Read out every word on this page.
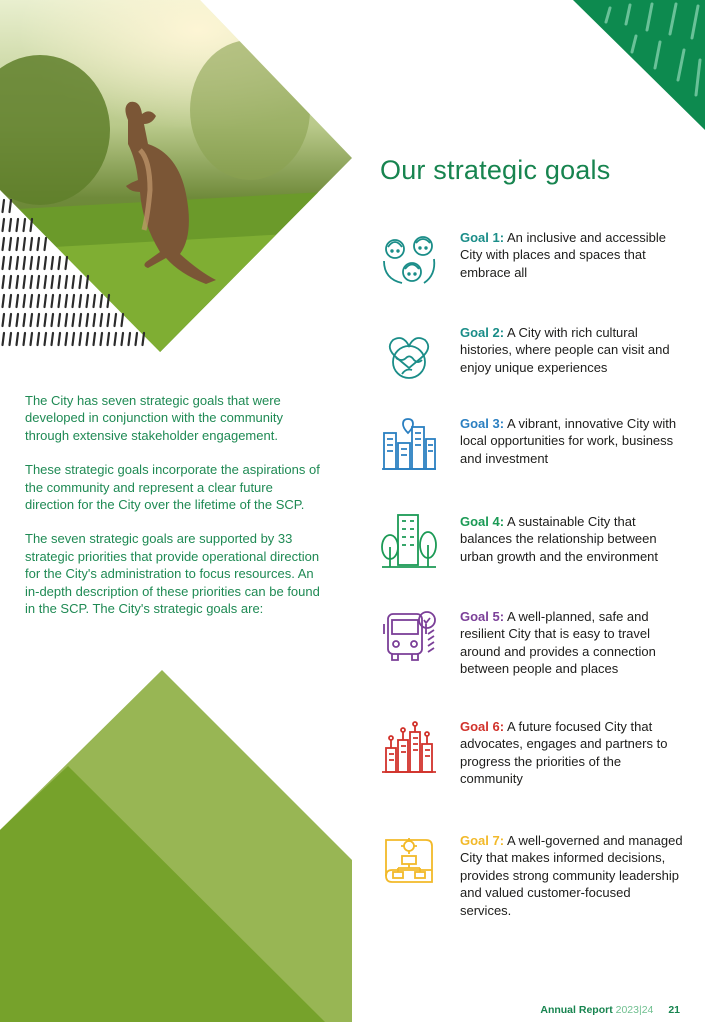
The City has seven strategic goals that were developed in conjunction with the community through extensive stakeholder engagement.

These strategic goals incorporate the aspirations of the community and represent a clear future direction for the City over the lifetime of the SCP.

The seven strategic goals are supported by 33 strategic priorities that provide operational direction for the City's administration to focus resources. An in-depth description of these priorities can be found in the SCP. The City's strategic goals are:

Our strategic goals
Goal 1: An inclusive and accessible City with places and spaces that embrace all
Goal 2: A City with rich cultural histories, where people can visit and enjoy unique experiences
Goal 3: A vibrant, innovative City with local opportunities for work, business and investment
Goal 4: A sustainable City that balances the relationship between urban growth and the environment
Goal 5: A well-planned, safe and resilient City that is easy to travel around and provides a connection between people and places
Goal 6: A future focused City that advocates, engages and partners to progress the priorities of the community
Goal 7: A well-governed and managed City that makes informed decisions, provides strong community leadership and valued customer-focused services.
Annual Report 2023|24 21
